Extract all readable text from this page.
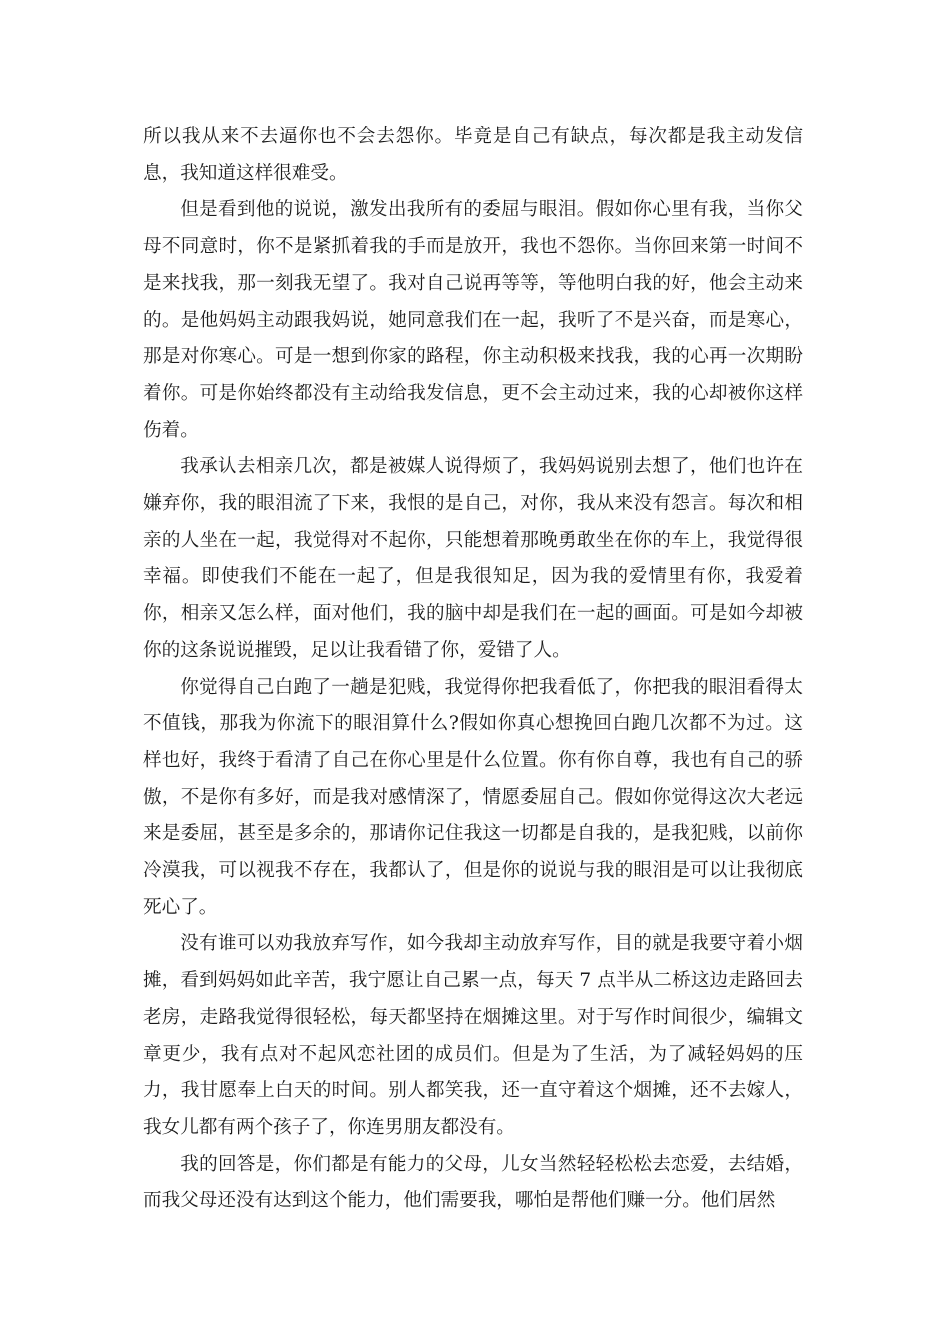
所以我从来不去逼你也不会去怨你。毕竟是自己有缺点，每次都是我主动发信息，我知道这样很难受。

但是看到他的说说，激发出我所有的委屈与眼泪。假如你心里有我，当你父母不同意时，你不是紧抓着我的手而是放开，我也不怨你。当你回来第一时间不是来找我，那一刻我无望了。我对自己说再等等，等他明白我的好，他会主动来的。是他妈妈主动跟我妈说，她同意我们在一起，我听了不是兴奋，而是寒心，那是对你寒心。可是一想到你家的路程，你主动积极来找我，我的心再一次期盼着你。可是你始终都没有主动给我发信息，更不会主动过来，我的心却被你这样伤着。

我承认去相亲几次，都是被媒人说得烦了，我妈妈说别去想了，他们也许在嫌弃你，我的眼泪流了下来，我恨的是自己，对你，我从来没有怨言。每次和相亲的人坐在一起，我觉得对不起你，只能想着那晚勇敢坐在你的车上，我觉得很幸福。即使我们不能在一起了，但是我很知足，因为我的爱情里有你，我爱着你，相亲又怎么样，面对他们，我的脑中却是我们在一起的画面。可是如今却被你的这条说说摧毁，足以让我看错了你，爱错了人。

你觉得自己白跑了一趟是犯贱，我觉得你把我看低了，你把我的眼泪看得太不值钱，那我为你流下的眼泪算什么?假如你真心想挽回白跑几次都不为过。这样也好，我终于看清了自己在你心里是什么位置。你有你自尊，我也有自己的骄傲，不是你有多好，而是我对感情深了，情愿委屈自己。假如你觉得这次大老远来是委屈，甚至是多余的，那请你记住我这一切都是自我的，是我犯贱，以前你冷漠我，可以视我不存在，我都认了，但是你的说说与我的眼泪是可以让我彻底死心了。

没有谁可以劝我放弃写作，如今我却主动放弃写作，目的就是我要守着小烟摊，看到妈妈如此辛苦，我宁愿让自己累一点，每天 7 点半从二桥这边走路回去老房，走路我觉得很轻松，每天都坚持在烟摊这里。对于写作时间很少，编辑文章更少，我有点对不起风恋社团的成员们。但是为了生活，为了减轻妈妈的压力，我甘愿奉上白天的时间。别人都笑我，还一直守着这个烟摊，还不去嫁人，我女儿都有两个孩子了，你连男朋友都没有。

我的回答是，你们都是有能力的父母，儿女当然轻轻松松去恋爱，去结婚，而我父母还没有达到这个能力，他们需要我，哪怕是帮他们赚一分。他们居然
